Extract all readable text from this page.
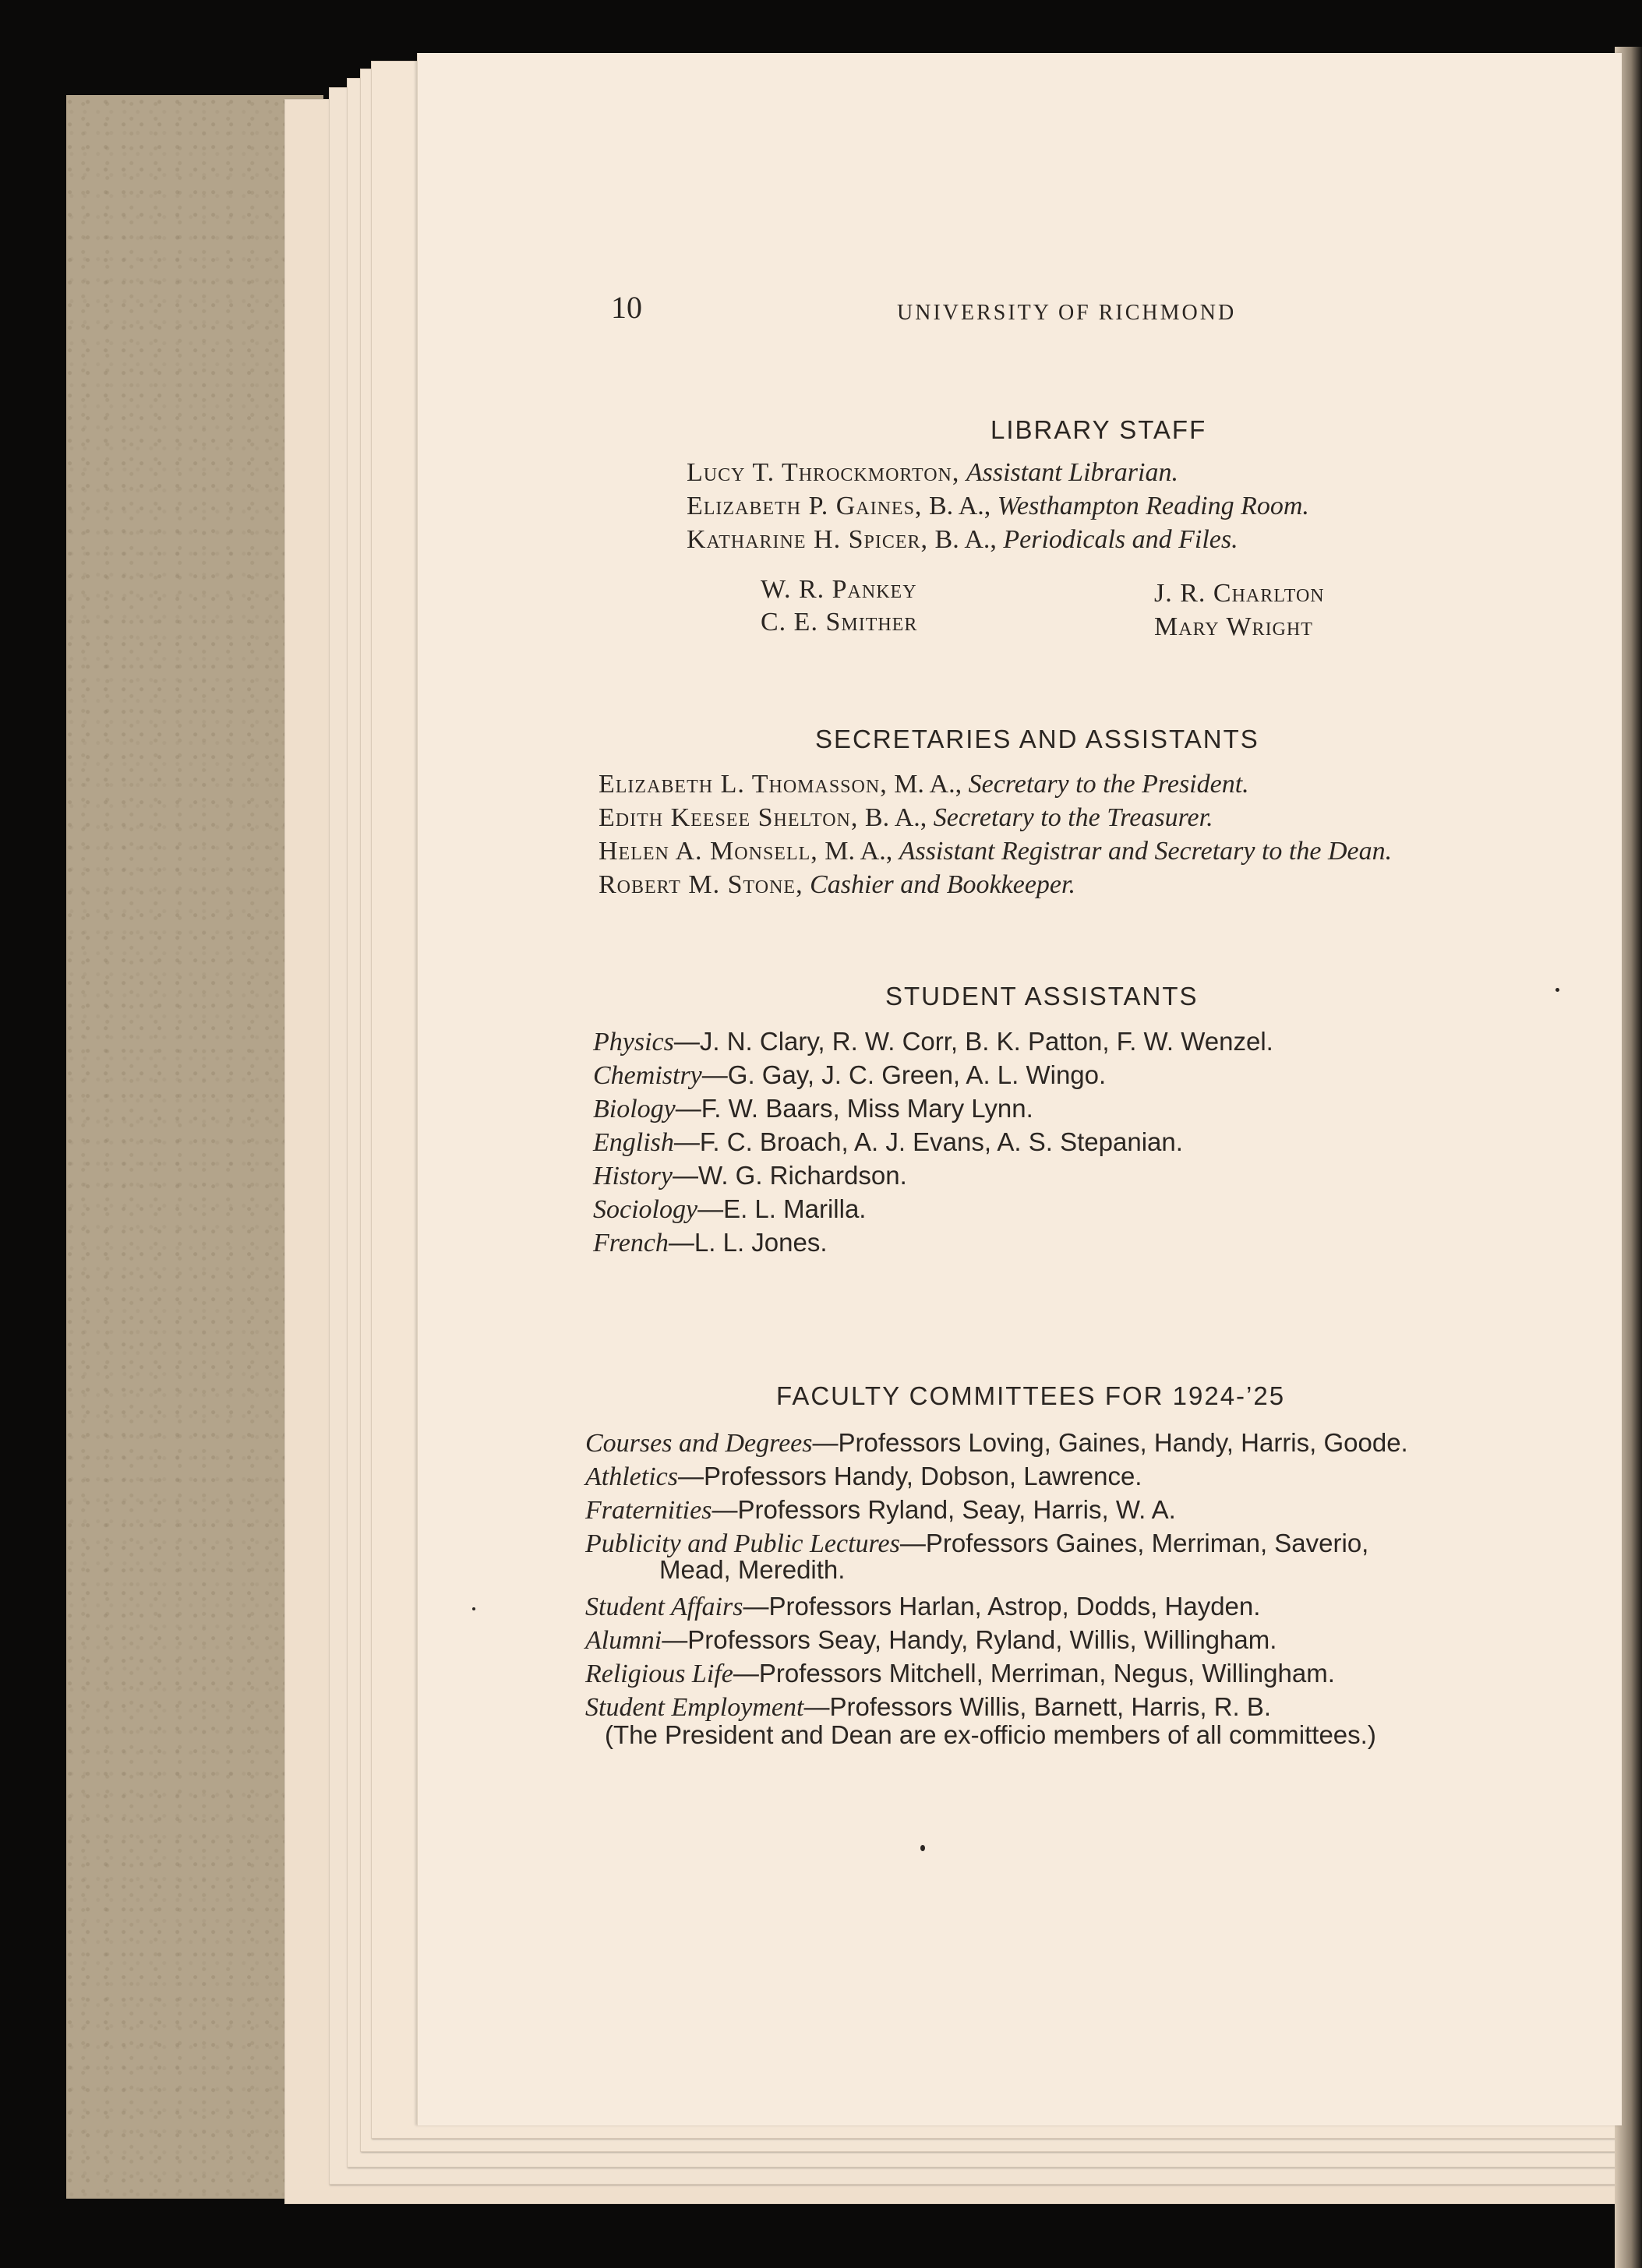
10	UNIVERSITY OF RICHMOND
LIBRARY STAFF
Lucy T. Throckmorton, Assistant Librarian.
Elizabeth P. Gaines, B. A., Westhampton Reading Room.
Katharine H. Spicer, B. A., Periodicals and Files.
W. R. Pankey	J. R. Charlton
C. E. Smither	Mary Wright
SECRETARIES AND ASSISTANTS
Elizabeth L. Thomasson, M. A., Secretary to the President.
Edith Keesee Shelton, B. A., Secretary to the Treasurer.
Helen A. Monsell, M. A., Assistant Registrar and Secretary to the Dean.
Robert M. Stone, Cashier and Bookkeeper.
STUDENT ASSISTANTS
Physics—J. N. Clary, R. W. Corr, B. K. Patton, F. W. Wenzel.
Chemistry—G. Gay, J. C. Green, A. L. Wingo.
Biology—F. W. Baars, Miss Mary Lynn.
English—F. C. Broach, A. J. Evans, A. S. Stepanian.
History—W. G. Richardson.
Sociology—E. L. Marilla.
French—L. L. Jones.
FACULTY COMMITTEES FOR 1924-’25
Courses and Degrees—Professors Loving, Gaines, Handy, Harris, Goode.
Athletics—Professors Handy, Dobson, Lawrence.
Fraternities—Professors Ryland, Seay, Harris, W. A.
Publicity and Public Lectures—Professors Gaines, Merriman, Saverio,
Mead, Meredith.
Student Affairs—Professors Harlan, Astrop, Dodds, Hayden.
Alumni—Professors Seay, Handy, Ryland, Willis, Willingham.
Religious Life—Professors Mitchell, Merriman, Negus, Willingham.
Student Employment—Professors Willis, Barnett, Harris, R. B.
(The President and Dean are ex-officio members of all committees.)
